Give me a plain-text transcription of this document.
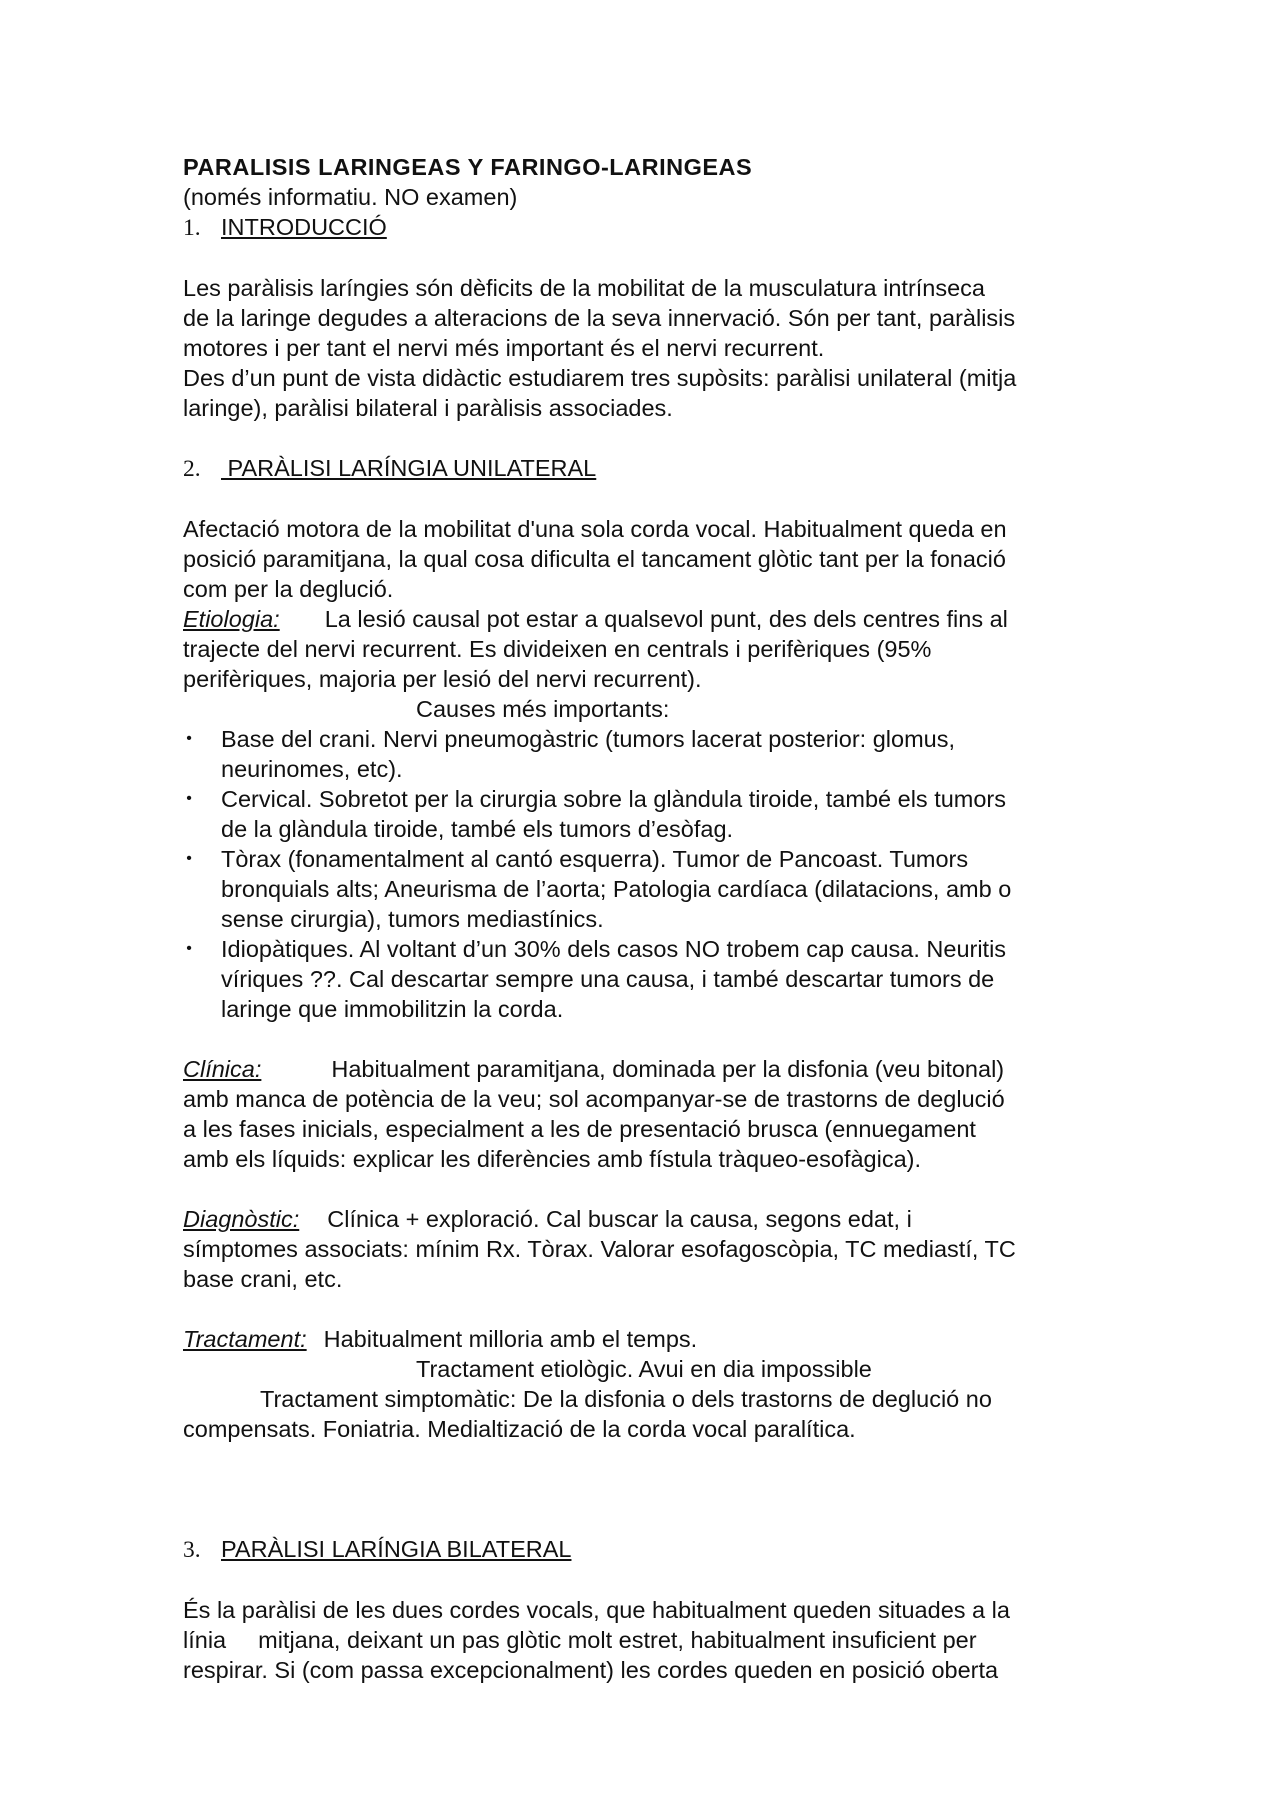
PARALISIS LARINGEAS Y FARINGO-LARINGEAS

(només informatiu. NO examen)

1. INTRODUCCIÓ

Les paràlisis laríngies són dèficits de la mobilitat de la musculatura intrínseca

de la laringe degudes a alteracions de la seva innervació. Són per tant, paràlisis

motores i per tant el nervi més important és el nervi recurrent.

Des d’un punt de vista didàctic estudiarem tres supòsits: paràlisi unilateral (mitja

laringe), paràlisi bilateral i paràlisis associades.

2. PARÀLISI LARÍNGIA UNILATERAL

Afectació motora de la mobilitat d'una sola corda vocal. Habitualment queda en

posició paramitjana, la qual cosa dificulta el tancament glòtic tant per la fonació

com per la deglució.

Etiologia: La lesió causal pot estar a qualsevol punt, des dels centres fins al

trajecte del nervi recurrent. Es divideixen en centrals i perifèriques (95%

perifèriques, majoria per lesió del nervi recurrent).

Causes més importants:

• Base del crani. Nervi pneumogàstric (tumors lacerat posterior: glomus,

neurinomes, etc).

• Cervical. Sobretot per la cirurgia sobre la glàndula tiroide, també els tumors

de la glàndula tiroide, també els tumors d’esòfag.

• Tòrax (fonamentalment al cantó esquerra). Tumor de Pancoast. Tumors

bronquials alts; Aneurisma de l’aorta; Patologia cardíaca (dilatacions, amb o

sense cirurgia), tumors mediastínics.

• Idiopàtiques. Al voltant d’un 30% dels casos NO trobem cap causa. Neuritis

víriques ??. Cal descartar sempre una causa, i també descartar tumors de

laringe que immobilitzin la corda.

Clínica:	Habitualment paramitjana, dominada per la disfonia (veu bitonal)

amb manca de potència de la veu; sol acompanyar-se de trastorns de deglució

a les fases inicials, especialment a les de presentació brusca (ennuegament

amb els líquids: explicar les diferències amb fístula tràqueo-esofàgica).

Diagnòstic: Clínica + exploració. Cal buscar la causa, segons edat, i

símptomes associats: mínim Rx. Tòrax. Valorar esofagoscòpia, TC mediastí, TC

base crani, etc.

Tractament: Habitualment milloria amb el temps.

Tractament etiològic. Avui en dia impossible

Tractament simptomàtic: De la disfonia o dels trastorns de deglució no

compensats. Foniatria. Medialtizació de la corda vocal paralítica.

3. PARÀLISI LARÍNGIA BILATERAL

És la paràlisi de les dues cordes vocals, que habitualment queden situades a la

línia mitjana, deixant un pas glòtic molt estret, habitualment insuficient per

respirar. Si (com passa excepcionalment) les cordes queden en posició oberta
